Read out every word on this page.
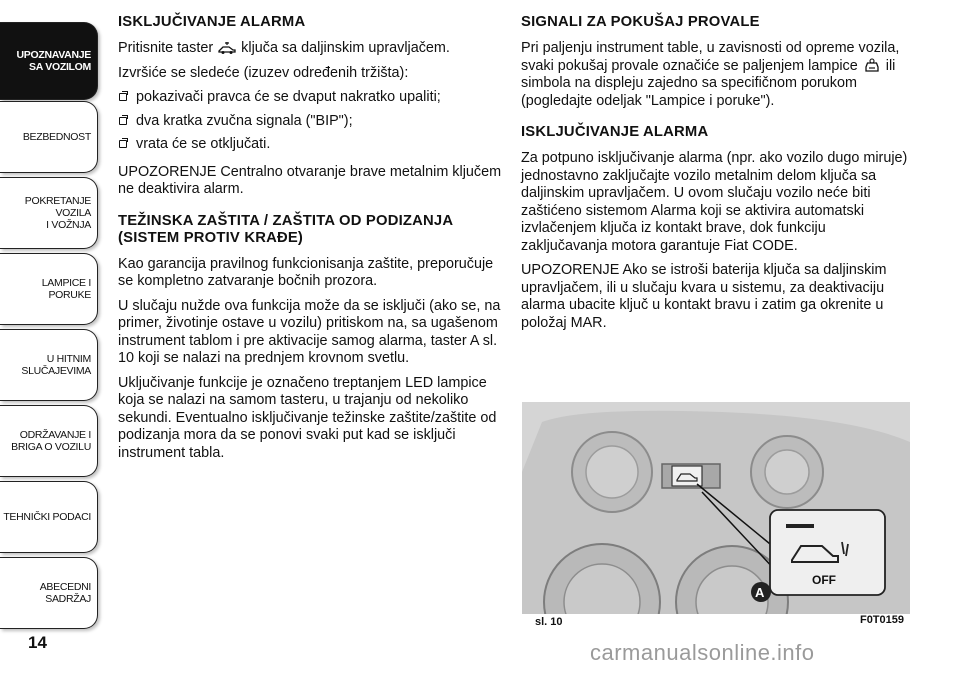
UPOZNAVANJE
SA VOZILOM
BEZBEDNOST
POKRETANJE VOZILA
I VOŽNJA
LAMPICE I PORUKE
U HITNIM
SLUČAJEVIMA
ODRŽAVANJE I
BRIGA O VOZILU
TEHNIČKI PODACI
ABECEDNI SADRŽAJ
14
ISKLJUČIVANJE ALARMA

Pritisnite taster ključa sa daljinskim upravljačem.

Izvršiće se sledeće (izuzev određenih tržišta):

pokazivači pravca će se dvaput nakratko upaliti;
dva kratka zvučna signala ("BIP");
vrata će se otključati.

UPOZORENJE Centralno otvaranje brave metalnim ključem ne deaktivira alarm.

TEŽINSKA ZAŠTITA / ZAŠTITA OD PODIZANJA (SISTEM PROTIV KRAĐE)

Kao garancija pravilnog funkcionisanja zaštite, preporučuje se kompletno zatvaranje bočnih prozora.

U slučaju nužde ova funkcija može da se isključi (ako se, na primer, životinje ostave u vozilu) pritiskom na, sa ugašenom instrument tablom i pre aktivacije samog alarma, taster A sl. 10 koji se nalazi na prednjem krovnom svetlu.

Uključivanje funkcije je označeno treptanjem LED lampice koja se nalazi na samom tasteru, u trajanju od nekoliko sekundi. Eventualno isključivanje težinske zaštite/zaštite od podizanja mora da se ponovi svaki put kad se isključi instrument tabla.

SIGNALI ZA POKUŠAJ PROVALE

Pri paljenju instrument table, u zavisnosti od opreme vozila, svaki pokušaj provale označiće se paljenjem lampice ili simbola na displeju zajedno sa specifičnom porukom (pogledajte odeljak "Lampice i poruke").

ISKLJUČIVANJE ALARMA

Za potpuno isključivanje alarma (npr. ako vozilo dugo miruje) jednostavno zaključajte vozilo metalnim delom ključa sa daljinskim upravljačem. U ovom slučaju vozilo neće biti zaštićeno sistemom Alarma koji se aktivira automatski izvlačenjem ključa iz kontakt brave, dok funkciju zaključavanja motora garantuje Fiat CODE.

UPOZORENJE Ako se istroši baterija ključa sa daljinskim upravljačem, ili u slučaju kvara u sistemu, za deaktivaciju alarma ubacite ključ u kontakt bravu i zatim ga okrenite u položaj MAR.

OFF
A
sl. 10	F0T0159
carmanualsonline.info
